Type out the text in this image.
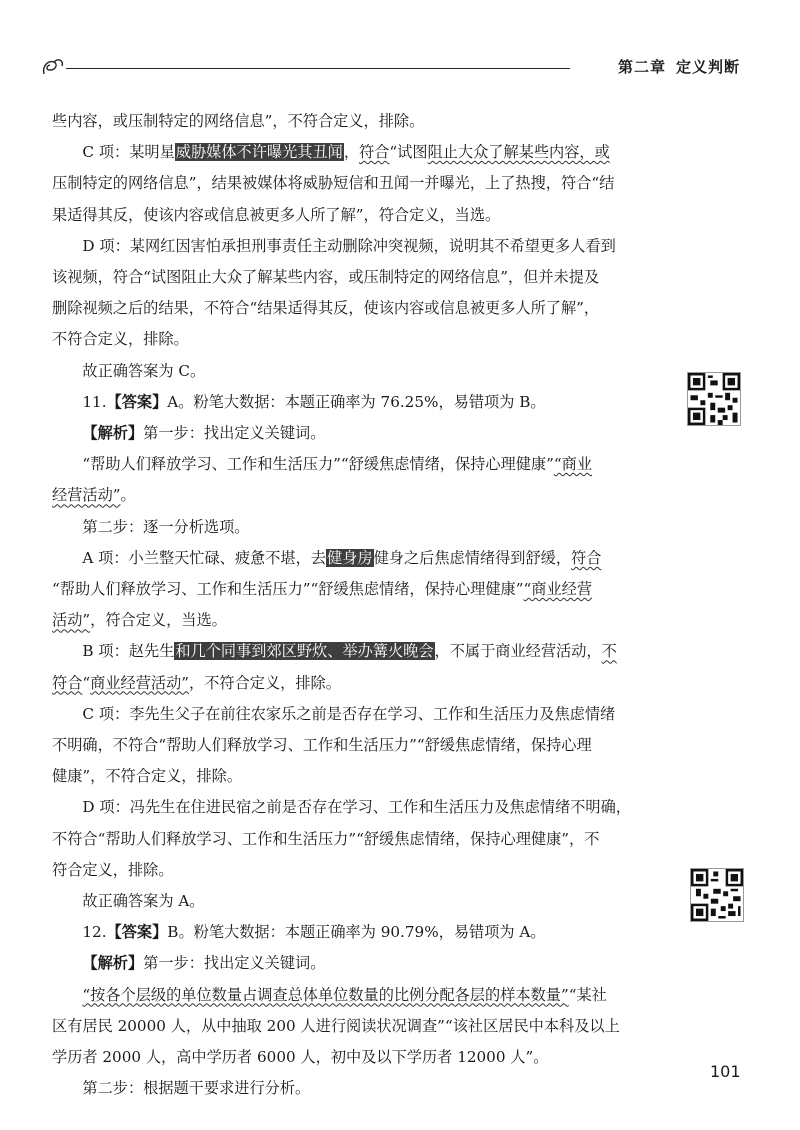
第二章 定义判断

些内容，或压制特定的网络信息”，不符合定义，排除。

C 项：某明星威胁媒体不许曝光其丑闻，符合“试图阻止大众了解某些内容，或
压制特定的网络信息”，结果被媒体将威胁短信和丑闻一并曝光，上了热搜，符合“结
果适得其反，使该内容或信息被更多人所了解”，符合定义，当选。

D 项：某网红因害怕承担刑事责任主动删除冲突视频，说明其不希望更多人看到
该视频，符合“试图阻止大众了解某些内容，或压制特定的网络信息”，但并未提及
删除视频之后的结果，不符合“结果适得其反，使该内容或信息被更多人所了解”，
不符合定义，排除。

故正确答案为 C。

11.【答案】A。粉笔大数据：本题正确率为 76.25%，易错项为 B。

【解析】第一步：找出定义关键词。

“帮助人们释放学习、工作和生活压力”“舒缓焦虑情绪，保持心理健康”“商业
经营活动”。

第二步：逐一分析选项。

A 项：小兰整天忙碌、疲惫不堪，去健身房健身之后焦虑情绪得到舒缓，符合
“帮助人们释放学习、工作和生活压力”“舒缓焦虑情绪，保持心理健康”“商业经营
活动”，符合定义，当选。

B 项：赵先生和几个同事到郊区野炊、举办篝火晚会，不属于商业经营活动，不
符合“商业经营活动”，不符合定义，排除。

C 项：李先生父子在前往农家乐之前是否存在学习、工作和生活压力及焦虑情绪
不明确，不符合“帮助人们释放学习、工作和生活压力”“舒缓焦虑情绪，保持心理
健康”，不符合定义，排除。

D 项：冯先生在住进民宿之前是否存在学习、工作和生活压力及焦虑情绪不明确，
不符合“帮助人们释放学习、工作和生活压力”“舒缓焦虑情绪，保持心理健康”，不
符合定义，排除。

故正确答案为 A。

12.【答案】B。粉笔大数据：本题正确率为 90.79%，易错项为 A。

【解析】第一步：找出定义关键词。

“按各个层级的单位数量占调查总体单位数量的比例分配各层的样本数量”“某社
区有居民 20000 人，从中抽取 200 人进行阅读状况调查”“该社区居民中本科及以上
学历者 2000 人，高中学历者 6000 人，初中及以下学历者 12000 人”。

第二步：根据题干要求进行分析。

101
